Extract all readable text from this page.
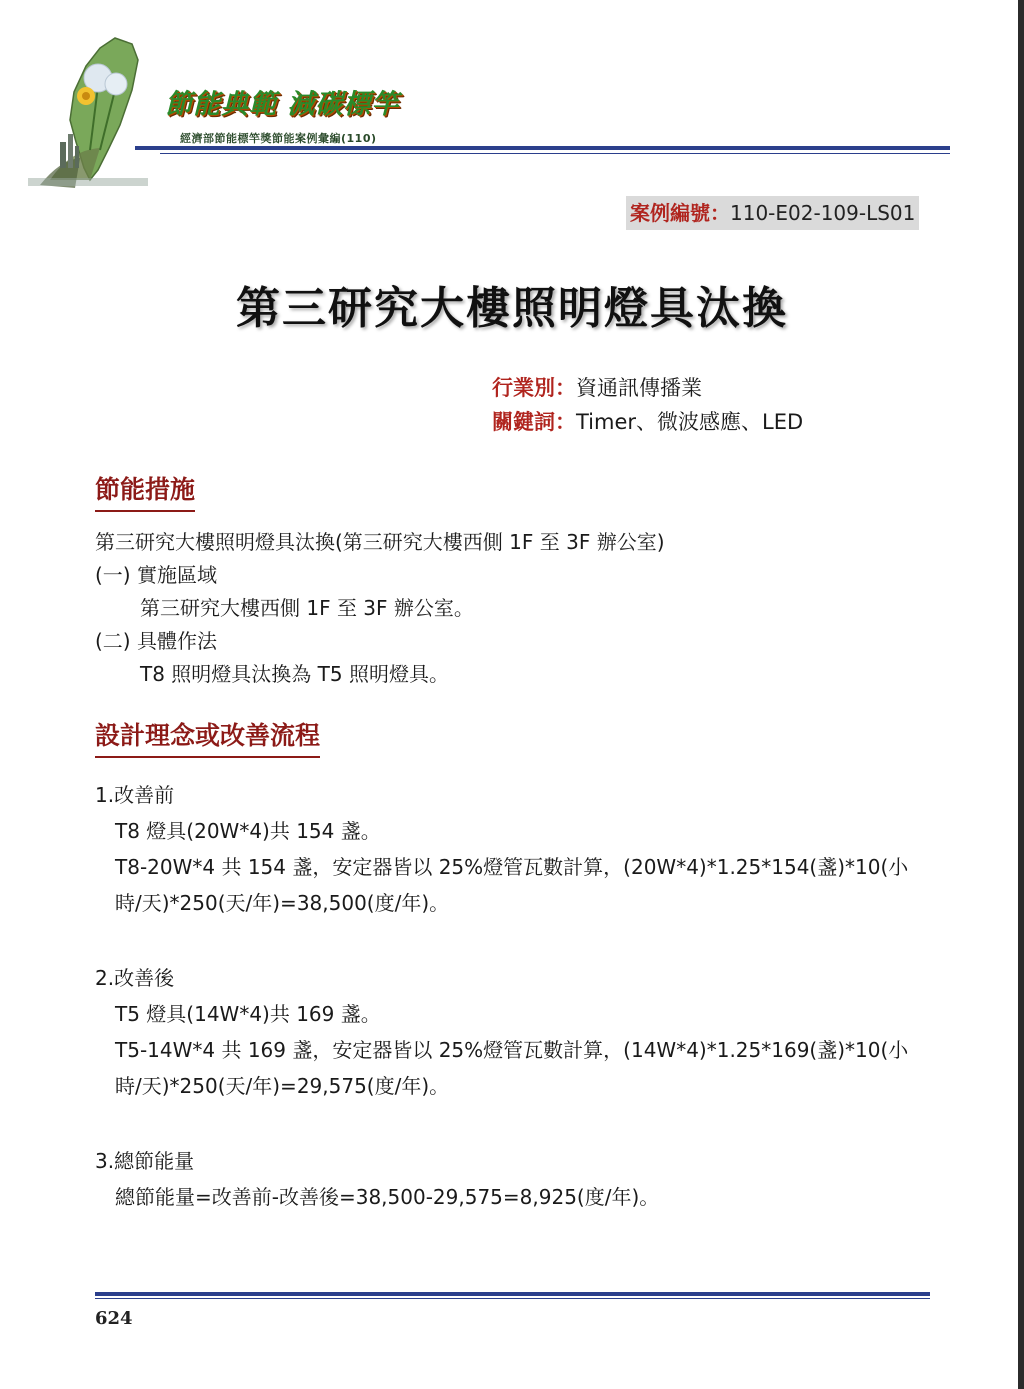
節能典範 減碳標竿
經濟部節能標竿獎節能案例彙編(110)
案例編號：110-E02-109-LS01
第三研究大樓照明燈具汰換
行業別：資通訊傳播業
關鍵詞：Timer、微波感應、LED
節能措施
第三研究大樓照明燈具汰換(第三研究大樓西側 1F 至 3F 辦公室)
(一) 實施區域
第三研究大樓西側 1F 至 3F 辦公室。
(二) 具體作法
T8 照明燈具汰換為 T5 照明燈具。
設計理念或改善流程
1.改善前
T8 燈具(20W*4)共 154 盞。
T8-20W*4 共 154 盞，安定器皆以 25%燈管瓦數計算，(20W*4)*1.25*154(盞)*10(小
時/天)*250(天/年)=38,500(度/年)。
2.改善後
T5 燈具(14W*4)共 169 盞。
T5-14W*4 共 169 盞，安定器皆以 25%燈管瓦數計算，(14W*4)*1.25*169(盞)*10(小
時/天)*250(天/年)=29,575(度/年)。
3.總節能量
總節能量=改善前-改善後=38,500-29,575=8,925(度/年)。
624
